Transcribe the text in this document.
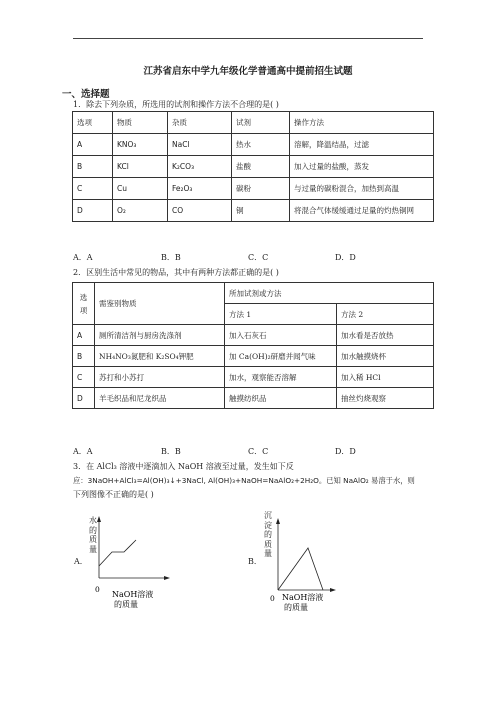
江苏省启东中学九年级化学普通高中提前招生试题
一、选择题
1．除去下列杂质，所选用的试剂和操作方法不合理的是( )
选项	物质	杂质	试剂	操作方法
A	KNO₃	NaCl	热水	溶解，降温结晶，过滤
B	KCl	K₂CO₃	盐酸	加入过量的盐酸，蒸发
C	Cu	Fe₂O₃	碳粉	与过量的碳粉混合，加热到高温
D	O₂	CO	铜	将混合气体缓缓通过足量的灼热铜网
A．A	B．B	C．C	D．D
2．区别生活中常见的物品，其中有两种方法都正确的是( )
选项	需鉴别物质	所加试剂或方法	
		方法 1	方法 2
A	厕所清洁剂与厨房洗涤剂	加入石灰石	加水看是否放热
B	NH₄NO₃氮肥和 K₂SO₄钾肥	加 Ca(OH)₂研磨并闻气味	加水触摸烧杯
C	苏打和小苏打	加水，观察能否溶解	加入稀 HCl
D	羊毛织品和尼龙织品	触摸纺织品	抽丝灼烧观察
A．A	B．B	C．C	D．D
3．在 AlCl₃ 溶液中逐滴加入 NaOH 溶液至过量，发生如下反
应：3NaOH+AlCl₃=Al(OH)₃↓+3NaCl, Al(OH)₃+NaOH=NaAlO₂+2H₂O。已知 NaAlO₂ 易溶于水，则
下列图像不正确的是( )
A．
0
NaOH溶液
的质量
水的质量
B．
0 NaOH溶液
的质量
沉淀的质量
